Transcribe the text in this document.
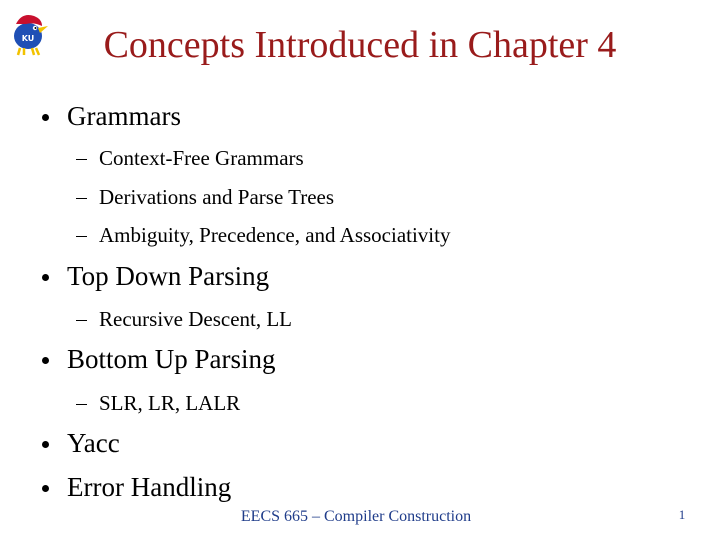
KU	Concepts Introduced in Chapter 4
Grammars
Context-Free Grammars
Derivations and Parse Trees
Ambiguity, Precedence, and Associativity
Top Down Parsing
Recursive Descent, LL
Bottom Up Parsing
SLR, LR, LALR
Yacc
Error Handling
EECS 665 – Compiler Construction	1
